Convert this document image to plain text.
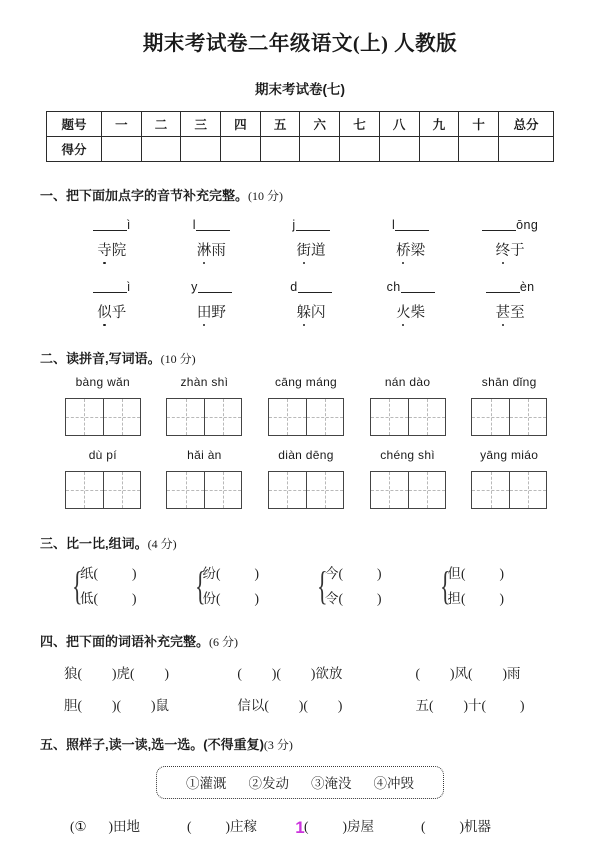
期末考试卷二年级语文(上) 人教版
期末考试卷(七)
题号	一	二	三	四	五	六	七	八	九	十	总分
得分											
一、把下面加点字的音节补充完整。(10 分)
ì
寺院
l
淋雨
j
街道
l
桥梁
ōng
终于
ì
似乎
y
田野
d
躲闪
ch
火柴
èn
甚至
二、读拼音,写词语。(10 分)
bàng wǎn	zhàn shì	cāng máng	nán dào	shān dǐng
dù pí	hǎi àn	diàn dēng	chéng shì	yāng miáo
三、比一比,组词。(4 分)
{
纸(	)
低(	) {
纷(	)
份(	) {
今(	)
令(	) {
但(	)
担(	)
四、把下面的词语补充完整。(6 分)
狼( )虎( )	( )( )欲放	( )风( )雨
胆( )( )鼠	信以( )( )	五( )十(	)
五、照样子,读一读,选一选。(不得重复)(3 分)
①灌溉 ②发动 ③淹没 ④冲毁
(① )田地	(	)庄稼	(	)房屋	(	)机器
1
